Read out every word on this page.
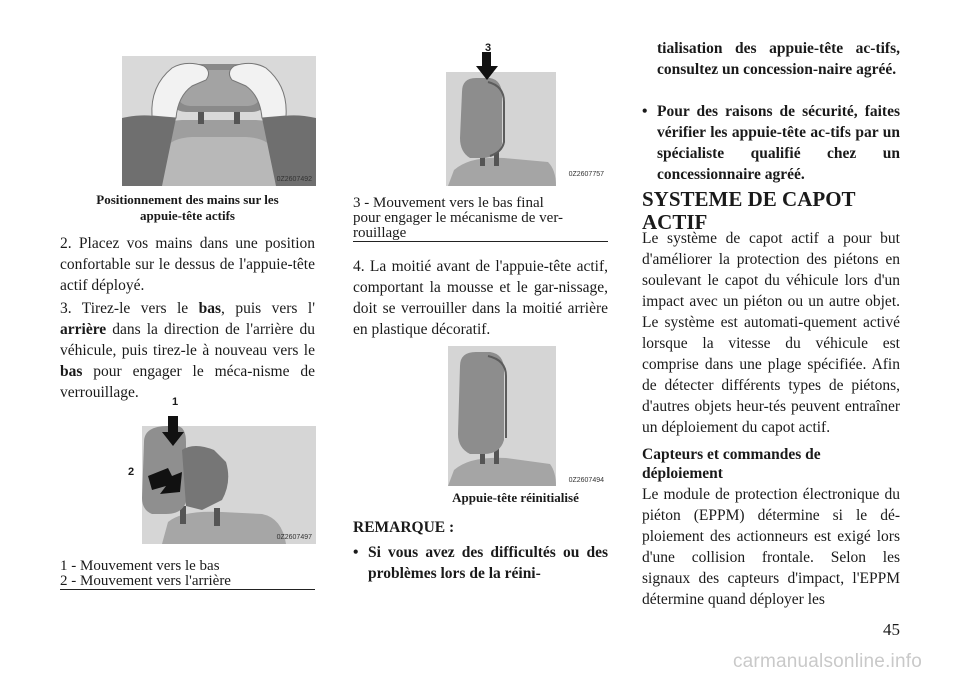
0Z2607492
Positionnement des mains sur les
appuie-tête actifs
2. Placez vos mains dans une position confortable sur le dessus de l'appuie-tête actif déployé.
3. Tirez-le vers le bas, puis vers l' arrière dans la direction de l'arrière du véhicule, puis tirez-le à nouveau vers le bas pour engager le méca-nisme de verrouillage.
1
2
0Z2607497
1 - Mouvement vers le bas
2 - Mouvement vers l'arrière
3
0Z2607757
3 - Mouvement vers le bas final
pour engager le mécanisme de ver-
rouillage
4. La moitié avant de l'appuie-tête actif, comportant la mousse et le gar-nissage, doit se verrouiller dans la moitié arrière en plastique décoratif.
0Z2607494
Appuie-tête réinitialisé
REMARQUE :
• Si vous avez des difficultés ou des problèmes lors de la réini-
tialisation des appuie-tête ac-tifs, consultez un concession-naire agréé.
• Pour des raisons de sécurité, faites vérifier les appuie-tête ac-tifs par un spécialiste qualifié chez un concessionnaire agréé.
SYSTEME DE CAPOT
ACTIF
Le système de capot actif a pour but d'améliorer la protection des piétons en soulevant le capot du véhicule lors d'un impact avec un piéton ou un autre objet. Le système est automati-quement activé lorsque la vitesse du véhicule est comprise dans une plage spécifiée. Afin de détecter différents types de piétons, d'autres objets heur-tés peuvent entraîner un déploiement du capot actif.
Capteurs et commandes de
déploiement
Le module de protection électronique du piéton (EPPM) détermine si le dé-ploiement des actionneurs est exigé lors d'une collision frontale. Selon les signaux des capteurs d'impact, l'EPPM détermine quand déployer les
45
carmanualsonline.info
